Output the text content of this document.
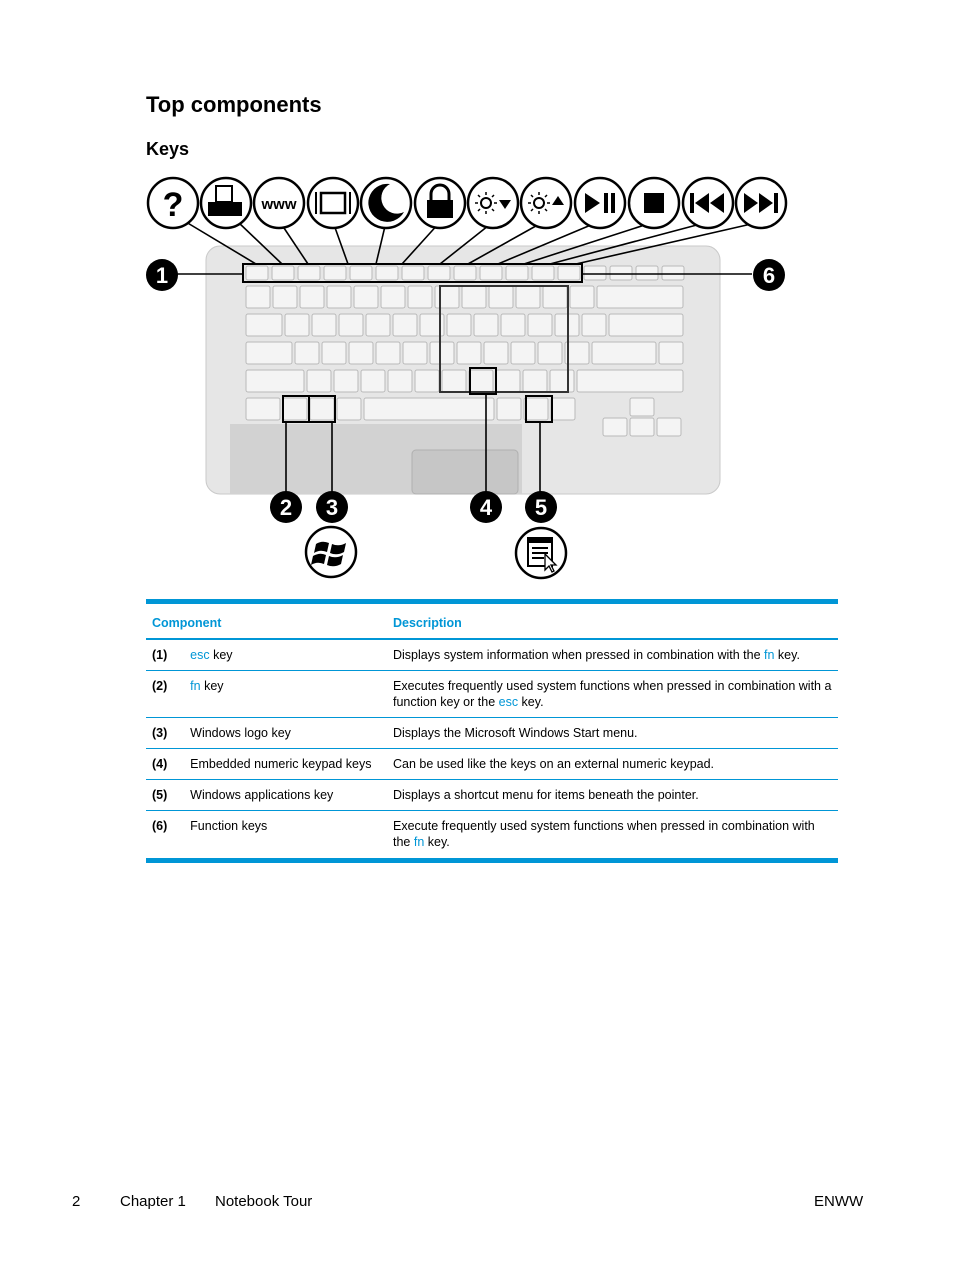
Top components
Keys
?	www
1	6
2 3	4 5
Component		Description
(1)	esc key	Displays system information when pressed in combination with the fn key.
(2)	fn key	Executes frequently used system functions when pressed in combination with a function key or the esc key.
(3)	Windows logo key	Displays the Microsoft Windows Start menu.
(4)	Embedded numeric keypad keys	Can be used like the keys on an external numeric keypad.
(5)	Windows applications key	Displays a shortcut menu for items beneath the pointer.
(6)	Function keys	Execute frequently used system functions when pressed in combination with the fn key.
2	Chapter 1 Notebook Tour	ENWW
